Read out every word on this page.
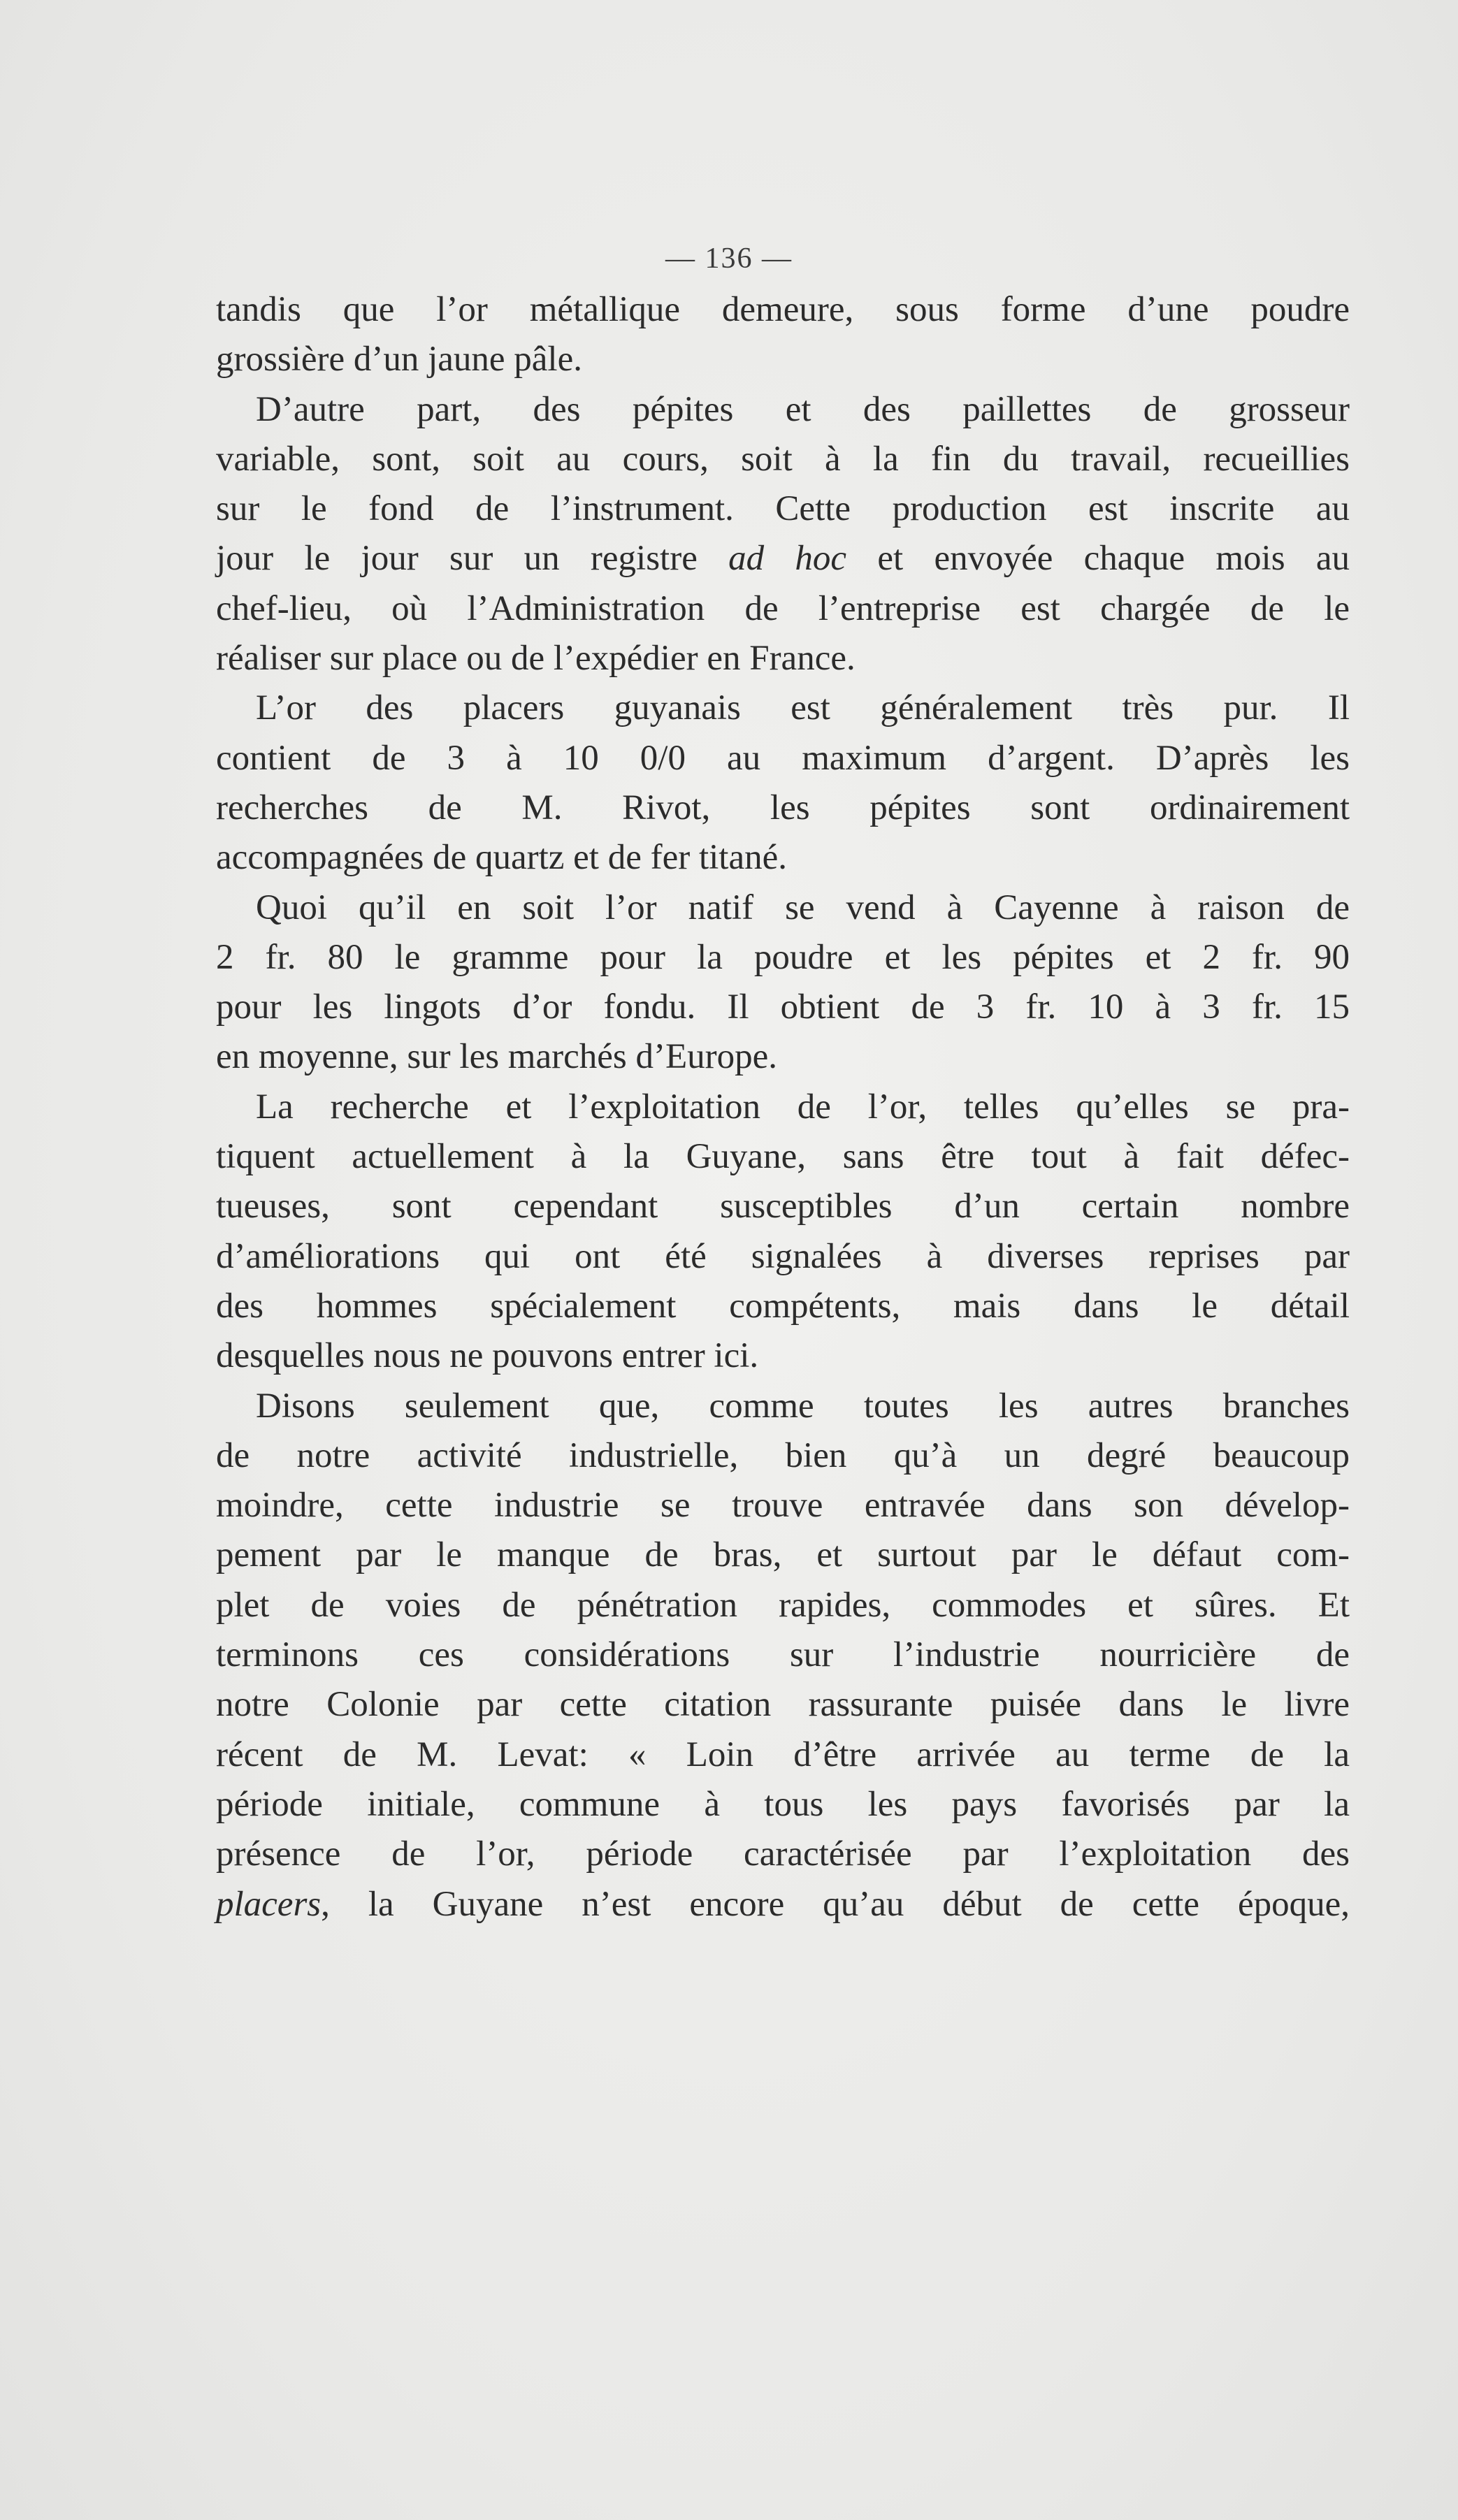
— 136 —
tandis que l’or métallique demeure, sous forme d’une poudre
grossière d’un jaune pâle.
D’autre part, des pépites et des paillettes de grosseur
variable, sont, soit au cours, soit à la fin du travail, recueillies
sur le fond de l’instrument. Cette production est inscrite au
jour le jour sur un registre ad hoc et envoyée chaque mois au
chef-lieu, où l’Administration de l’entreprise est chargée de le
réaliser sur place ou de l’expédier en France.
L’or des placers guyanais est généralement très pur. Il
contient de 3 à 10 0/0 au maximum d’argent. D’après les
recherches de M. Rivot, les pépites sont ordinairement
accompagnées de quartz et de fer titané.
Quoi qu’il en soit l’or natif se vend à Cayenne à raison de
2 fr. 80 le gramme pour la poudre et les pépites et 2 fr. 90
pour les lingots d’or fondu. Il obtient de 3 fr. 10 à 3 fr. 15
en moyenne, sur les marchés d’Europe.
La recherche et l’exploitation de l’or, telles qu’elles se pra-
tiquent actuellement à la Guyane, sans être tout à fait défec-
tueuses, sont cependant susceptibles d’un certain nombre
d’améliorations qui ont été signalées à diverses reprises par
des hommes spécialement compétents, mais dans le détail
desquelles nous ne pouvons entrer ici.
Disons seulement que, comme toutes les autres branches
de notre activité industrielle, bien qu’à un degré beaucoup
moindre, cette industrie se trouve entravée dans son dévelop-
pement par le manque de bras, et surtout par le défaut com-
plet de voies de pénétration rapides, commodes et sûres. Et
terminons ces considérations sur l’industrie nourricière de
notre Colonie par cette citation rassurante puisée dans le livre
récent de M. Levat: « Loin d’être arrivée au terme de la
période initiale, commune à tous les pays favorisés par la
présence de l’or, période caractérisée par l’exploitation des
placers, la Guyane n’est encore qu’au début de cette époque,
